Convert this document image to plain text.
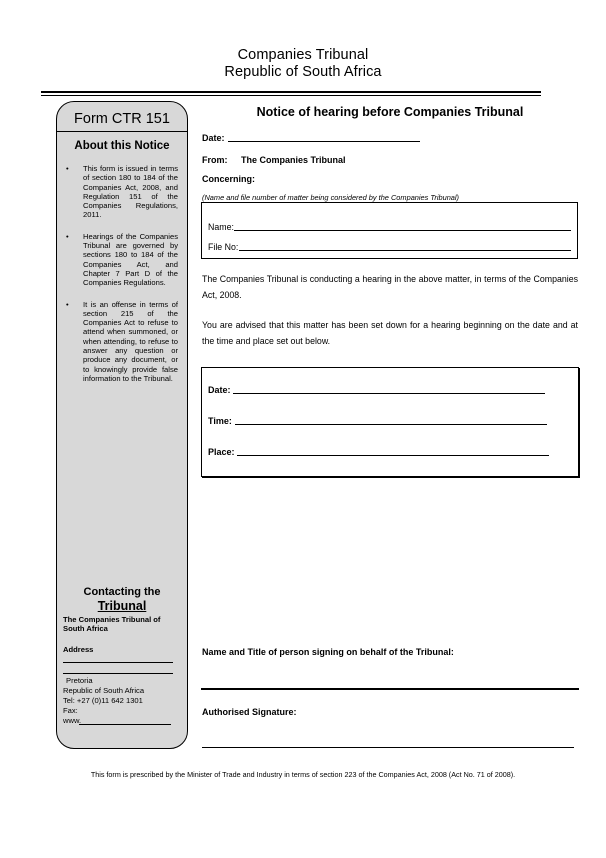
Companies Tribunal
Republic of South Africa
Form CTR 151
About this Notice
•	This form is issued in terms of section 180 to 184 of the Companies Act, 2008, and Regulation 151 of the Companies Regulations, 2011.
•	Hearings of the Companies Tribunal are governed by sections 180 to 184 of the Companies Act, and Chapter 7 Part D of the Companies Regulations.
•	It is an offense in terms of section 215 of the Companies Act to refuse to attend when summoned, or when attending, to refuse to answer any question or produce any document, or to knowingly provide false information to the Tribunal.
Contacting the
Tribunal
The Companies Tribunal of South Africa
Address
Pretoria
Republic of South Africa
Tel: +27 (0)11 642 1301
Fax:
www.
Notice of hearing before Companies Tribunal
Date:
From: The Companies Tribunal
Concerning:
(Name and file number of matter being considered by the Companies Tribunal)
Name:
File No:
The Companies Tribunal is conducting a hearing in the above matter, in terms of the Companies Act, 2008.
You are advised that this matter has been set down for a hearing beginning on the date and at the time and place set out below.
Date:
Time:
Place:
Name and Title of person signing on behalf of the Tribunal:
Authorised Signature:
This form is prescribed by the Minister of Trade and Industry in terms of section 223 of the Companies Act, 2008 (Act No. 71 of 2008).
